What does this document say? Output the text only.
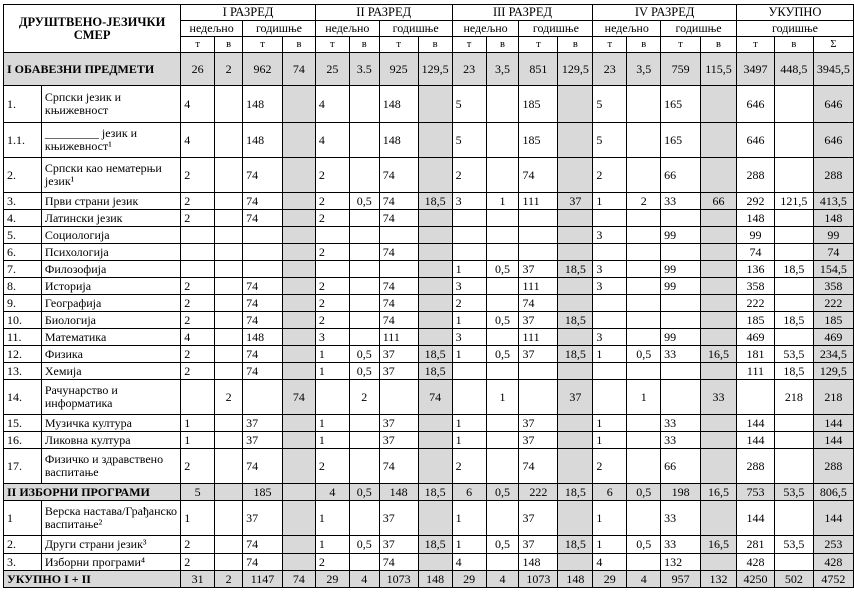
ДРУШТВЕНО-ЈЕЗИЧКИ СМЕР		I РАЗРЕД				II РАЗРЕД				III РАЗРЕД				IV РАЗРЕД				УКУПНО		
		недељно		годишње		недељно		годишње		недељно		годишње		недељно		годишње		годишње		
		т	в	т	в	т	в	т	в	т	в	т	в	т	в	т	в	т	в	Σ
I ОБАВЕЗНИ ПРЕДМЕТИ		26	2	962	74	25	3.5	925	129,5	23	3,5	851	129,5	23	3,5	759	115,5	3497	448,5	3945,5
1.	Српски језик и књижевност	4		148		4		148		5		185		5		165		646		646
1.1.	_________ језик и књижевност¹	4		148		4		148		5		185		5		165		646		646
2.	Српски као нематерњи језик¹	2		74		2		74		2		74		2		66		288		288
3.	Први страни језик	2		74		2	0,5	74	18,5	3	1	111	37	1	2	33	66	292	121,5	413,5
4.	Латински језик	2		74		2		74										148		148
5.	Социологија													3		99		99		99
6.	Психологија					2		74										74		74
7.	Филозофија									1	0,5	37	18,5	3		99		136	18,5	154,5
8.	Историја	2		74		2		74		3		111		3		99		358		358
9.	Географија	2		74		2		74		2		74						222		222
10.	Биологија	2		74		2		74		1	0,5	37	18,5					185	18,5	185
11.	Математика	4		148		3		111		3		111		3		99		469		469
12.	Физика	2		74		1	0,5	37	18,5	1	0,5	37	18,5	1	0,5	33	16,5	181	53,5	234,5
13.	Хемија	2		74		1	0,5	37	18,5									111	18,5	129,5
14.	Рачунарство и информатика		2		74		2		74		1		37		1		33		218	218
15.	Музичка култура	1		37		1		37		1		37		1		33		144		144
16.	Ликовна култура	1		37		1		37		1		37		1		33		144		144
17.	Физичко и здравствено васпитање	2		74		2		74		2		74		2		66		288		288
II ИЗБОРНИ ПРОГРАМИ		5		185		4	0,5	148	18,5	6	0,5	222	18,5	6	0,5	198	16,5	753	53,5	806,5
1	Верска настава/Грађанско васпитање²	1		37		1		37		1		37		1		33		144		144
2.	Други страни језик³	2		74		1	0,5	37	18,5	1	0,5	37	18,5	1	0,5	33	16,5	281	53,5	253
3.	Изборни програми⁴	2		74		2		74		4		148		4		132		428		428
УКУПНО I + II		31	2	1147	74	29	4	1073	148	29	4	1073	148	29	4	957	132	4250	502	4752
